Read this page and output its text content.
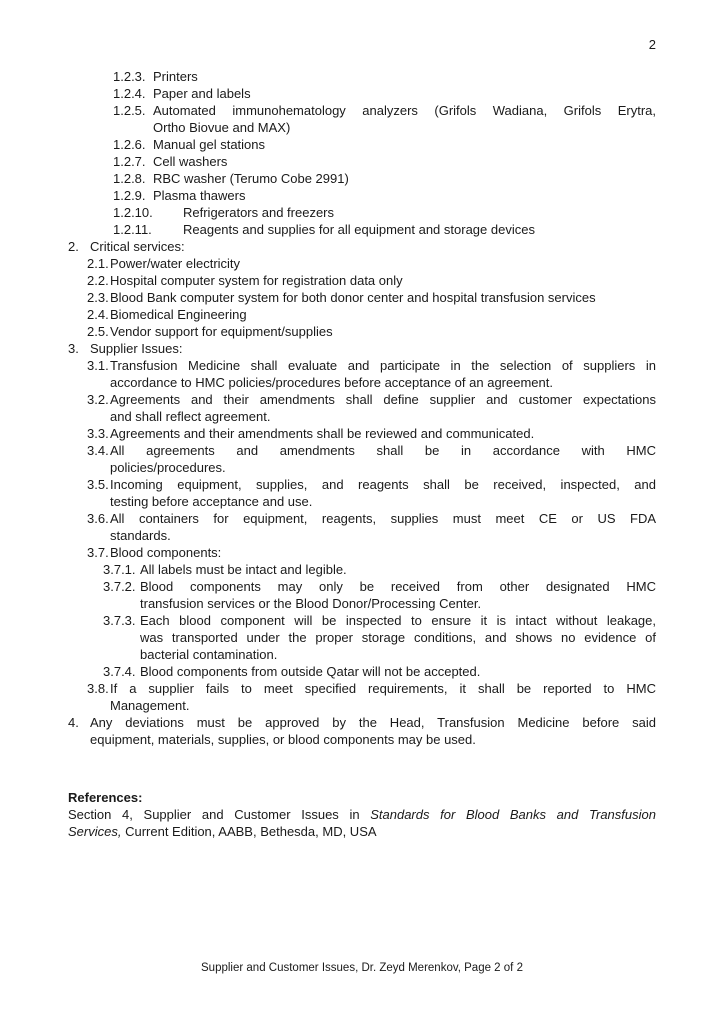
2
1.2.3. Printers
1.2.4. Paper and labels
1.2.5. Automated immunohematology analyzers (Grifols Wadiana, Grifols Erytra,
Ortho Biovue and MAX)
1.2.6. Manual gel stations
1.2.7. Cell washers
1.2.8. RBC washer (Terumo Cobe 2991)
1.2.9. Plasma thawers
1.2.10.	Refrigerators and freezers
1.2.11.	Reagents and supplies for all equipment and storage devices
2. Critical services:
2.1. Power/water electricity
2.2. Hospital computer system for registration data only
2.3. Blood Bank computer system for both donor center and hospital transfusion services
2.4. Biomedical Engineering
2.5. Vendor support for equipment/supplies
3. Supplier Issues:
3.1. Transfusion Medicine shall evaluate and participate in the selection of suppliers in
accordance to HMC policies/procedures before acceptance of an agreement.
3.2. Agreements and their amendments shall define supplier and customer expectations
and shall reflect agreement.
3.3. Agreements and their amendments shall be reviewed and communicated.
3.4. All agreements and amendments shall be in accordance with HMC
policies/procedures.
3.5. Incoming equipment, supplies, and reagents shall be received, inspected, and
testing before acceptance and use.
3.6. All containers for equipment, reagents, supplies must meet CE or US FDA
standards.
3.7. Blood components:
3.7.1. All labels must be intact and legible.
3.7.2. Blood components may only be received from other designated HMC
transfusion services or the Blood Donor/Processing Center.
3.7.3. Each blood component will be inspected to ensure it is intact without leakage,
was transported under the proper storage conditions, and shows no evidence of
bacterial contamination.
3.7.4. Blood components from outside Qatar will not be accepted.
3.8. If a supplier fails to meet specified requirements, it shall be reported to HMC
Management.
4. Any deviations must be approved by the Head, Transfusion Medicine before said
equipment, materials, supplies, or blood components may be used.
References:
Section 4, Supplier and Customer Issues in Standards for Blood Banks and Transfusion
Services, Current Edition, AABB, Bethesda, MD, USA
Supplier and Customer Issues, Dr. Zeyd Merenkov, Page 2 of 2
